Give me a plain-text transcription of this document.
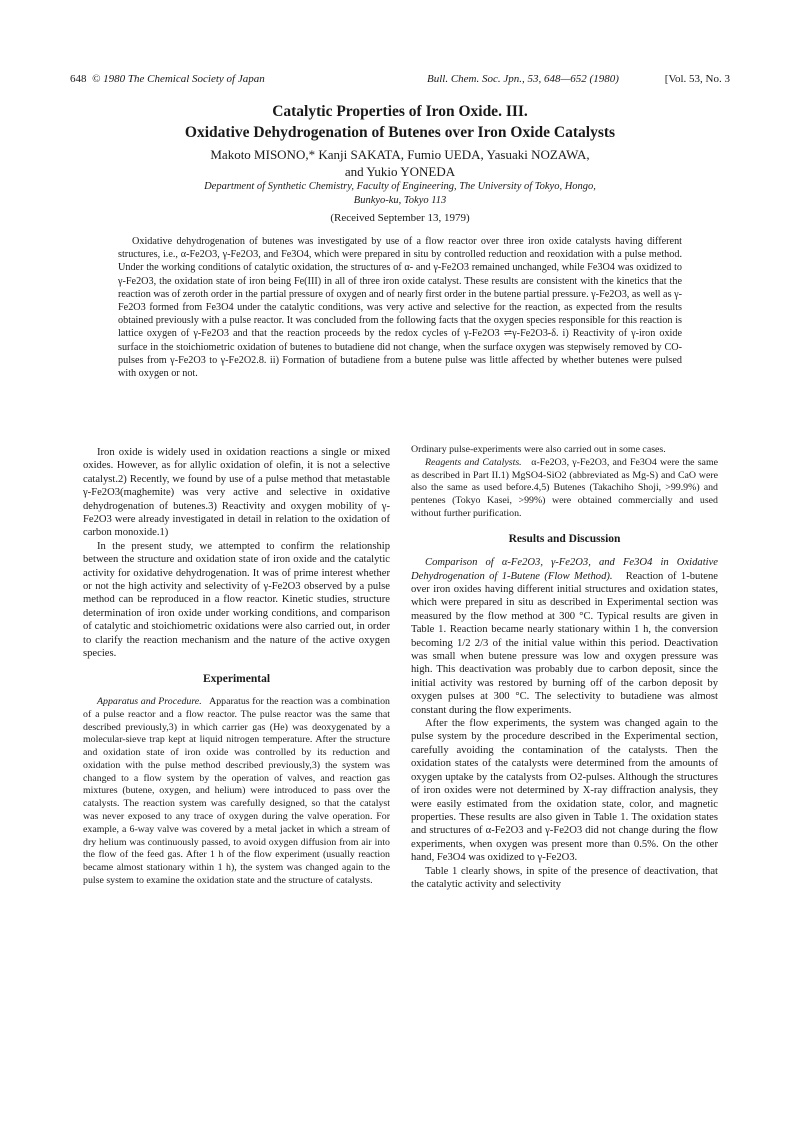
648 © 1980 The Chemical Society of Japan	Bull. Chem. Soc. Jpn., 53, 648—652 (1980)	[Vol. 53, No. 3
Catalytic Properties of Iron Oxide. III.
Oxidative Dehydrogenation of Butenes over Iron Oxide Catalysts
Makoto MISONO,* Kanji SAKATA, Fumio UEDA, Yasuaki NOZAWA,
and Yukio YONEDA
Department of Synthetic Chemistry, Faculty of Engineering, The University of Tokyo, Hongo,
Bunkyo-ku, Tokyo 113
(Received September 13, 1979)

Oxidative dehydrogenation of butenes was investigated by use of a flow reactor over three iron oxide catalysts having different structures, i.e., α-Fe2O3, γ-Fe2O3, and Fe3O4, which were prepared in situ by controlled reduction and reoxidation with a pulse method. Under the working conditions of catalytic oxidation, the structures of α- and γ-Fe2O3 remained unchanged, while Fe3O4 was oxidized to γ-Fe2O3, the oxidation state of iron being Fe(III) in all of three iron oxide catalyst. These results are consistent with the kinetics that the reaction was of zeroth order in the partial pressure of oxygen and of nearly first order in the butene partial pressure. γ-Fe2O3, as well as γ-Fe2O3 formed from Fe3O4 under the catalytic conditions, was very active and selective for the reaction, as expected from the results obtained previously with a pulse reactor. It was concluded from the following facts that the oxygen species responsible for this reaction is lattice oxygen of γ-Fe2O3 and that the reaction proceeds by the redox cycles of γ-Fe2O3 ⇌γ-Fe2O3-δ. i) Reactivity of γ-iron oxide surface in the stoichiometric oxidation of butenes to butadiene did not change, when the surface oxygen was stepwisely removed by CO-pulses from γ-Fe2O3 to γ-Fe2O2.8. ii) Formation of butadiene from a butene pulse was little affected by whether butenes were pulsed with oxygen or not.

Iron oxide is widely used in oxidation reactions a single or mixed oxides. However, as for allylic oxidation of olefin, it is not a selective catalyst.2) Recently, we found by use of a pulse method that metastable γ-Fe2O3(maghemite) was very active and selective in oxidative dehydrogenation of butenes.3) Reactivity and oxygen mobility of γ-Fe2O3 were already investigated in detail in relation to the oxidation of carbon monoxide.1)

In the present study, we attempted to confirm the relationship between the structure and oxidation state of iron oxide and the catalytic activity for oxidative dehydrogenation. It was of prime interest whether or not the high activity and selectivity of γ-Fe2O3 observed by a pulse method can be reproduced in a flow reactor. Kinetic studies, structure determination of iron oxide under working conditions, and comparison of catalytic and stoichiometric oxidations were also carried out, in order to clarify the reaction mechanism and the nature of the active oxygen species.

Experimental

Apparatus and Procedure. Apparatus for the reaction was a combination of a pulse reactor and a flow reactor. The pulse reactor was the same that described previously,3) in which carrier gas (He) was deoxygenated by a molecular-sieve trap kept at liquid nitrogen temperature. After the structure and oxidation state of iron oxide was controlled by its reduction and oxidation with the pulse method described previously,3) the system was changed to a flow system by the operation of valves, and reaction gas mixtures (butene, oxygen, and helium) were introduced to pass over the catalysts. The reaction system was carefully designed, so that the catalyst was never exposed to any trace of oxygen during the valve operation. For example, a 6-way valve was covered by a metal jacket in which a stream of dry helium was continuously passed, to avoid oxygen diffusion from air into the flow of the feed gas. After 1 h of the flow experiment (usually reaction became almost stationary within 1 h), the system was changed again to the pulse system to examine the oxidation state and the structure of catalysts.

Ordinary pulse-experiments were also carried out in some cases.

Reagents and Catalysts. α-Fe2O3, γ-Fe2O3, and Fe3O4 were the same as described in Part II.1) MgSO4-SiO2 (abbreviated as Mg-S) and CaO were also the same as used before.4,5) Butenes (Takachiho Shoji, >99.9%) and pentenes (Tokyo Kasei, >99%) were obtained commercially and used without further purification.

Results and Discussion

Comparison of α-Fe2O3, γ-Fe2O3, and Fe3O4 in Oxidative Dehydrogenation of 1-Butene (Flow Method). Reaction of 1-butene over iron oxides having different initial structures and oxidation states, which were prepared in situ as described in Experimental section was measured by the flow method at 300 °C. Typical results are given in Table 1. Reaction became nearly stationary within 1 h, the conversion becoming 1/2 2/3 of the initial value within this period. Deactivation was small when butene pressure was low and oxygen pressure was high. This deactivation was probably due to carbon deposit, since the initial activity was restored by burning off of the carbon deposit by oxygen pulses at 300 °C. The selectivity to butadiene was almost constant during the flow experiments.

After the flow experiments, the system was changed again to the pulse system by the procedure described in the Experimental section, carefully avoiding the contamination of the catalysts. Then the oxidation states of the catalysts were determined from the amounts of oxygen uptake by the catalysts from O2-pulses. Although the structures of iron oxides were not determined by X-ray diffraction analysis, they were easily estimated from the oxidation state, color, and magnetic properties. These results are also given in Table 1. The oxidation states and structures of α-Fe2O3 and γ-Fe2O3 did not change during the flow experiments, when oxygen was present more than 0.5%. On the other hand, Fe3O4 was oxidized to γ-Fe2O3.

Table 1 clearly shows, in spite of the presence of deactivation, that the catalytic activity and selectivity
